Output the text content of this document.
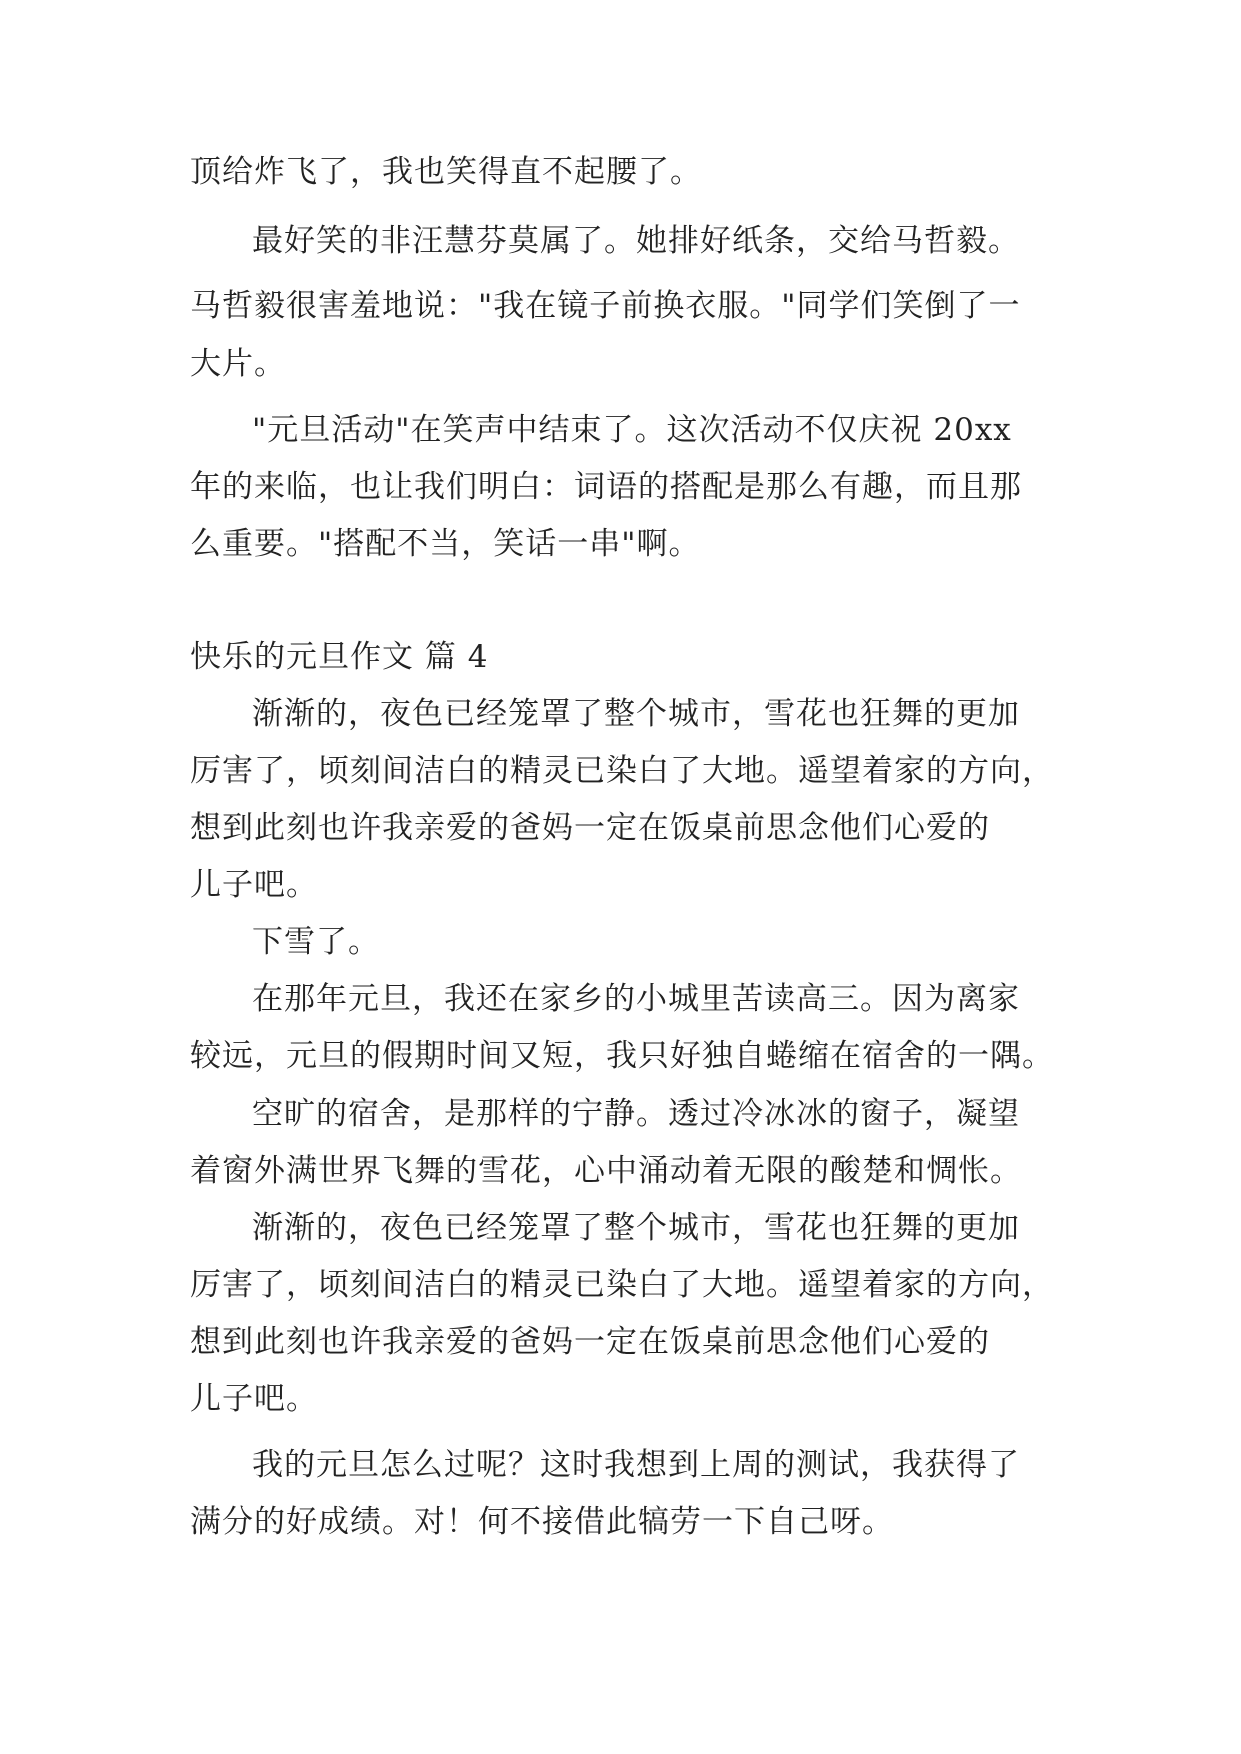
顶给炸飞了，我也笑得直不起腰了。
最好笑的非汪慧芬莫属了。她排好纸条，交给马哲毅。
马哲毅很害羞地说："我在镜子前换衣服。"同学们笑倒了一
大片。
"元旦活动"在笑声中结束了。这次活动不仅庆祝 20xx
年的来临，也让我们明白：词语的搭配是那么有趣，而且那
么重要。"搭配不当，笑话一串"啊。
快乐的元旦作文 篇 4
渐渐的，夜色已经笼罩了整个城市，雪花也狂舞的更加
厉害了，顷刻间洁白的精灵已染白了大地。遥望着家的方向，
想到此刻也许我亲爱的爸妈一定在饭桌前思念他们心爱的
儿子吧。
下雪了。
在那年元旦，我还在家乡的小城里苦读高三。因为离家
较远，元旦的假期时间又短，我只好独自蜷缩在宿舍的一隅。
空旷的宿舍，是那样的宁静。透过冷冰冰的窗子，凝望
着窗外满世界飞舞的雪花，心中涌动着无限的酸楚和惆怅。
渐渐的，夜色已经笼罩了整个城市，雪花也狂舞的更加
厉害了，顷刻间洁白的精灵已染白了大地。遥望着家的方向，
想到此刻也许我亲爱的爸妈一定在饭桌前思念他们心爱的
儿子吧。
我的元旦怎么过呢？这时我想到上周的测试，我获得了
满分的好成绩。对！何不接借此犒劳一下自己呀。
